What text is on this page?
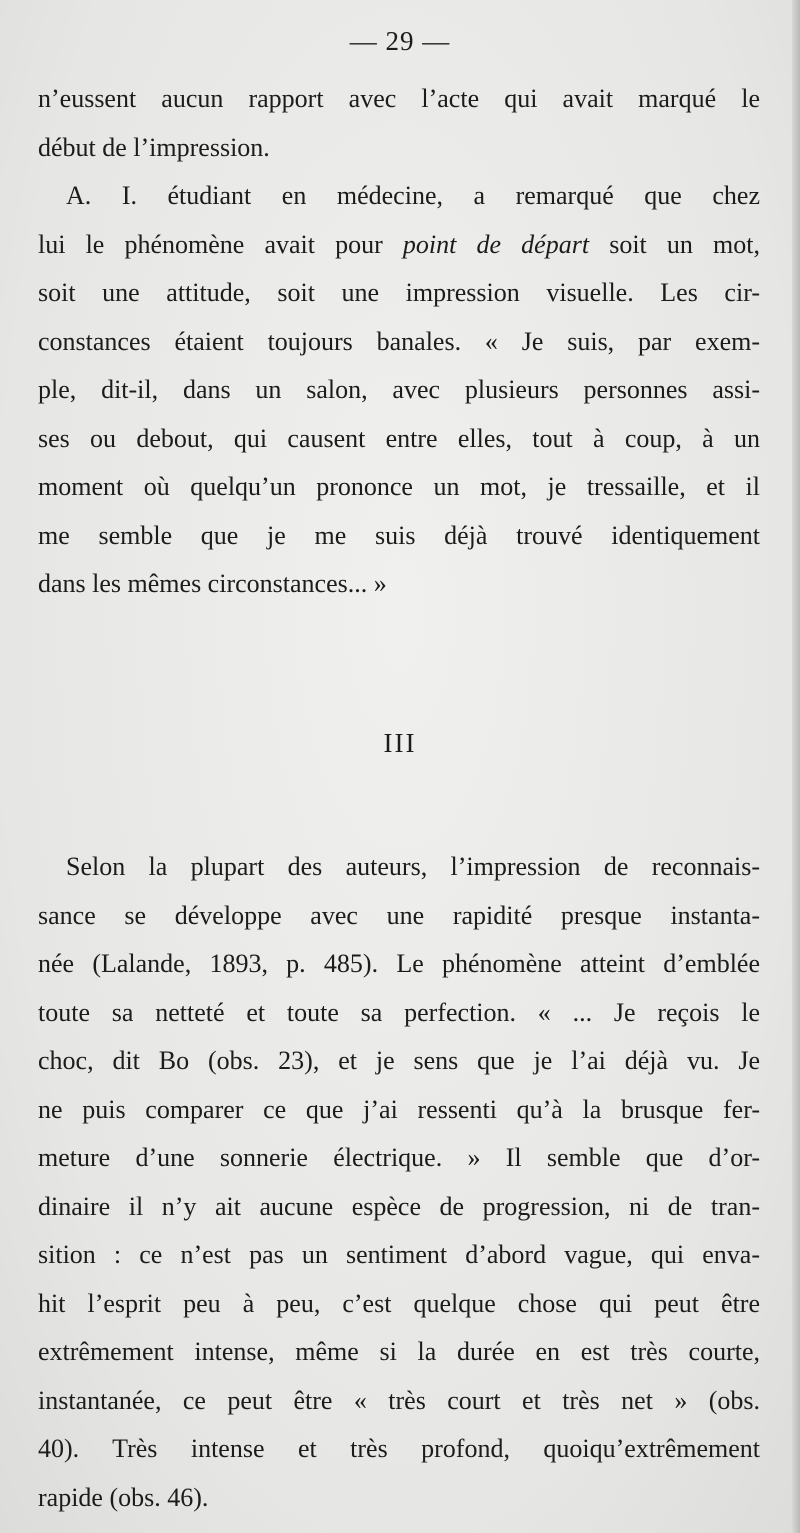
— 29 —
n’eussent aucun rapport avec l’acte qui avait marqué le
début de l’impression.
A. I. étudiant en médecine, a remarqué que chez
lui le phénomène avait pour point de départ soit un mot,
soit une attitude, soit une impression visuelle. Les cir-
constances étaient toujours banales. « Je suis, par exem-
ple, dit-il, dans un salon, avec plusieurs personnes assi-
ses ou debout, qui causent entre elles, tout à coup, à un
moment où quelqu’un prononce un mot, je tressaille, et il
me semble que je me suis déjà trouvé identiquement
dans les mêmes circonstances... »
III
Selon la plupart des auteurs, l’impression de reconnais-
sance se développe avec une rapidité presque instanta-
née (Lalande, 1893, p. 485). Le phénomène atteint d’emblée
toute sa netteté et toute sa perfection. « ... Je reçois le
choc, dit Bo (obs. 23), et je sens que je l’ai déjà vu. Je
ne puis comparer ce que j’ai ressenti qu’à la brusque fer-
meture d’une sonnerie électrique. » Il semble que d’or-
dinaire il n’y ait aucune espèce de progression, ni de tran-
sition : ce n’est pas un sentiment d’abord vague, qui enva-
hit l’esprit peu à peu, c’est quelque chose qui peut être
extrêmement intense, même si la durée en est très courte,
instantanée, ce peut être « très court et très net » (obs.
40). Très intense et très profond, quoiqu’extrêmement
rapide (obs. 46).
